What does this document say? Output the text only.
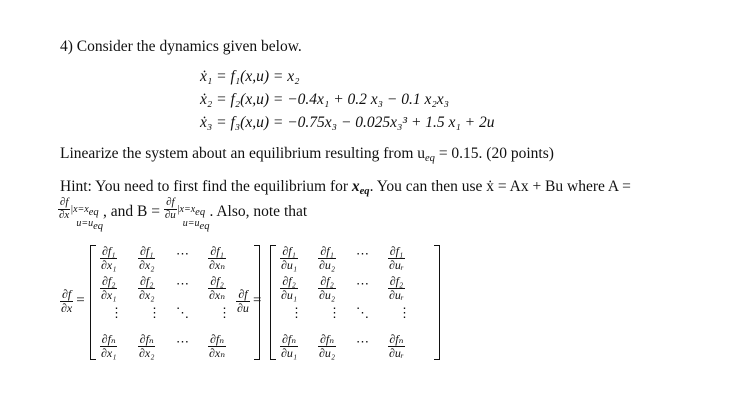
4) Consider the dynamics given below.
ẋ₁ = f₁(x,u) = x₂
ẋ₂ = f₂(x,u) = −0.4x₁ + 0.2 x₃ − 0.1 x₂x₃
ẋ₃ = f₃(x,u) = −0.75x₃ − 0.025x₃³ + 1.5 x₁ + 2u
Linearize the system about an equilibrium resulting from $u_{eq} = 0.15$. (20 points)
Hint: You need to first find the equilibrium for $x_{eq}$. You can then use ẋ = Ax + Bu where A =
$\frac{\partial f}{\partial x} |x=xeq$
u=ueq
, and $B = \frac{\partial f}{\partial u} |x=xeq$
u=ueq
. Also, note that
$\frac{\partial f}{\partial x}$ =
$\frac{\text{∂f₁}}{\text{∂x₁}} \frac{\text{∂f₁}}{\text{∂x₂}}$ ⋯ $\frac{\text{∂f₁}}{\text{∂xₙ}}$
$\frac{\text{∂f₂}}{\text{∂x₁}} \frac{\text{∂f₂}}{\text{∂x₂}}$ ⋯ $\frac{\text{∂f₂}}{\text{∂xₙ}}$
⋮ ⋮ ⋱ ⋮
$\frac{\text{∂fₙ}}{\text{∂x₁}} \frac{\text{∂fₙ}}{\text{∂x₂}}$ ⋯ $\frac{\text{∂fₙ}}{\text{∂xₙ}}$
$\frac{\partial f}{\partial u}$ =
$\frac{\text{∂f₁}}{\text{∂u₁}} \frac{\text{∂f₁}}{\text{∂u₂}}$ ⋯ $\frac{\text{∂f₁}}{\text{∂uᵣ}}$
$\frac{\text{∂f₂}}{\text{∂u₁}} \frac{\text{∂f₂}}{\text{∂u₂}}$ ⋯ $\frac{\text{∂f₂}}{\text{∂uᵣ}}$
⋮ ⋮ ⋱ ⋮
$\frac{\text{∂fₙ}}{\text{∂u₁}} \frac{\text{∂fₙ}}{\text{∂u₂}}$ ⋯ $\frac{\text{∂fₙ}}{\text{∂uᵣ}}$
